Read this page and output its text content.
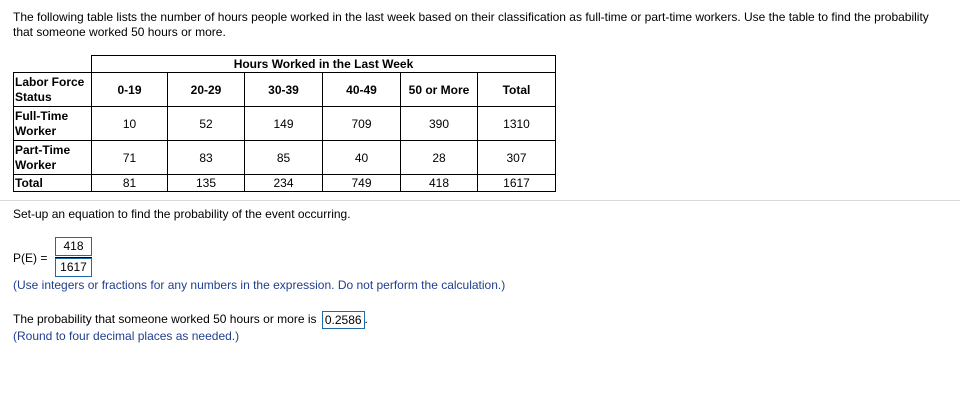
The following table lists the number of hours people worked in the last week based on their classification as full-time or part-time workers. Use the table to find the probability that someone worked 50 hours or more.
	Hours Worked in the Last Week					
Labor Force Status	0-19	20-29	30-39	40-49	50 or More	Total
Full-Time Worker	10	52	149	709	390	1310
Part-Time Worker	71	83	85	40	28	307
Total	81	135	234	749	418	1617
Set-up an equation to find the probability of the event occurring.
$P(E) = \frac{418}{1617}$
(Use integers or fractions for any numbers in the expression. Do not perform the calculation.)
The probability that someone worked 50 hours or more is 0.2586 .
(Round to four decimal places as needed.)
